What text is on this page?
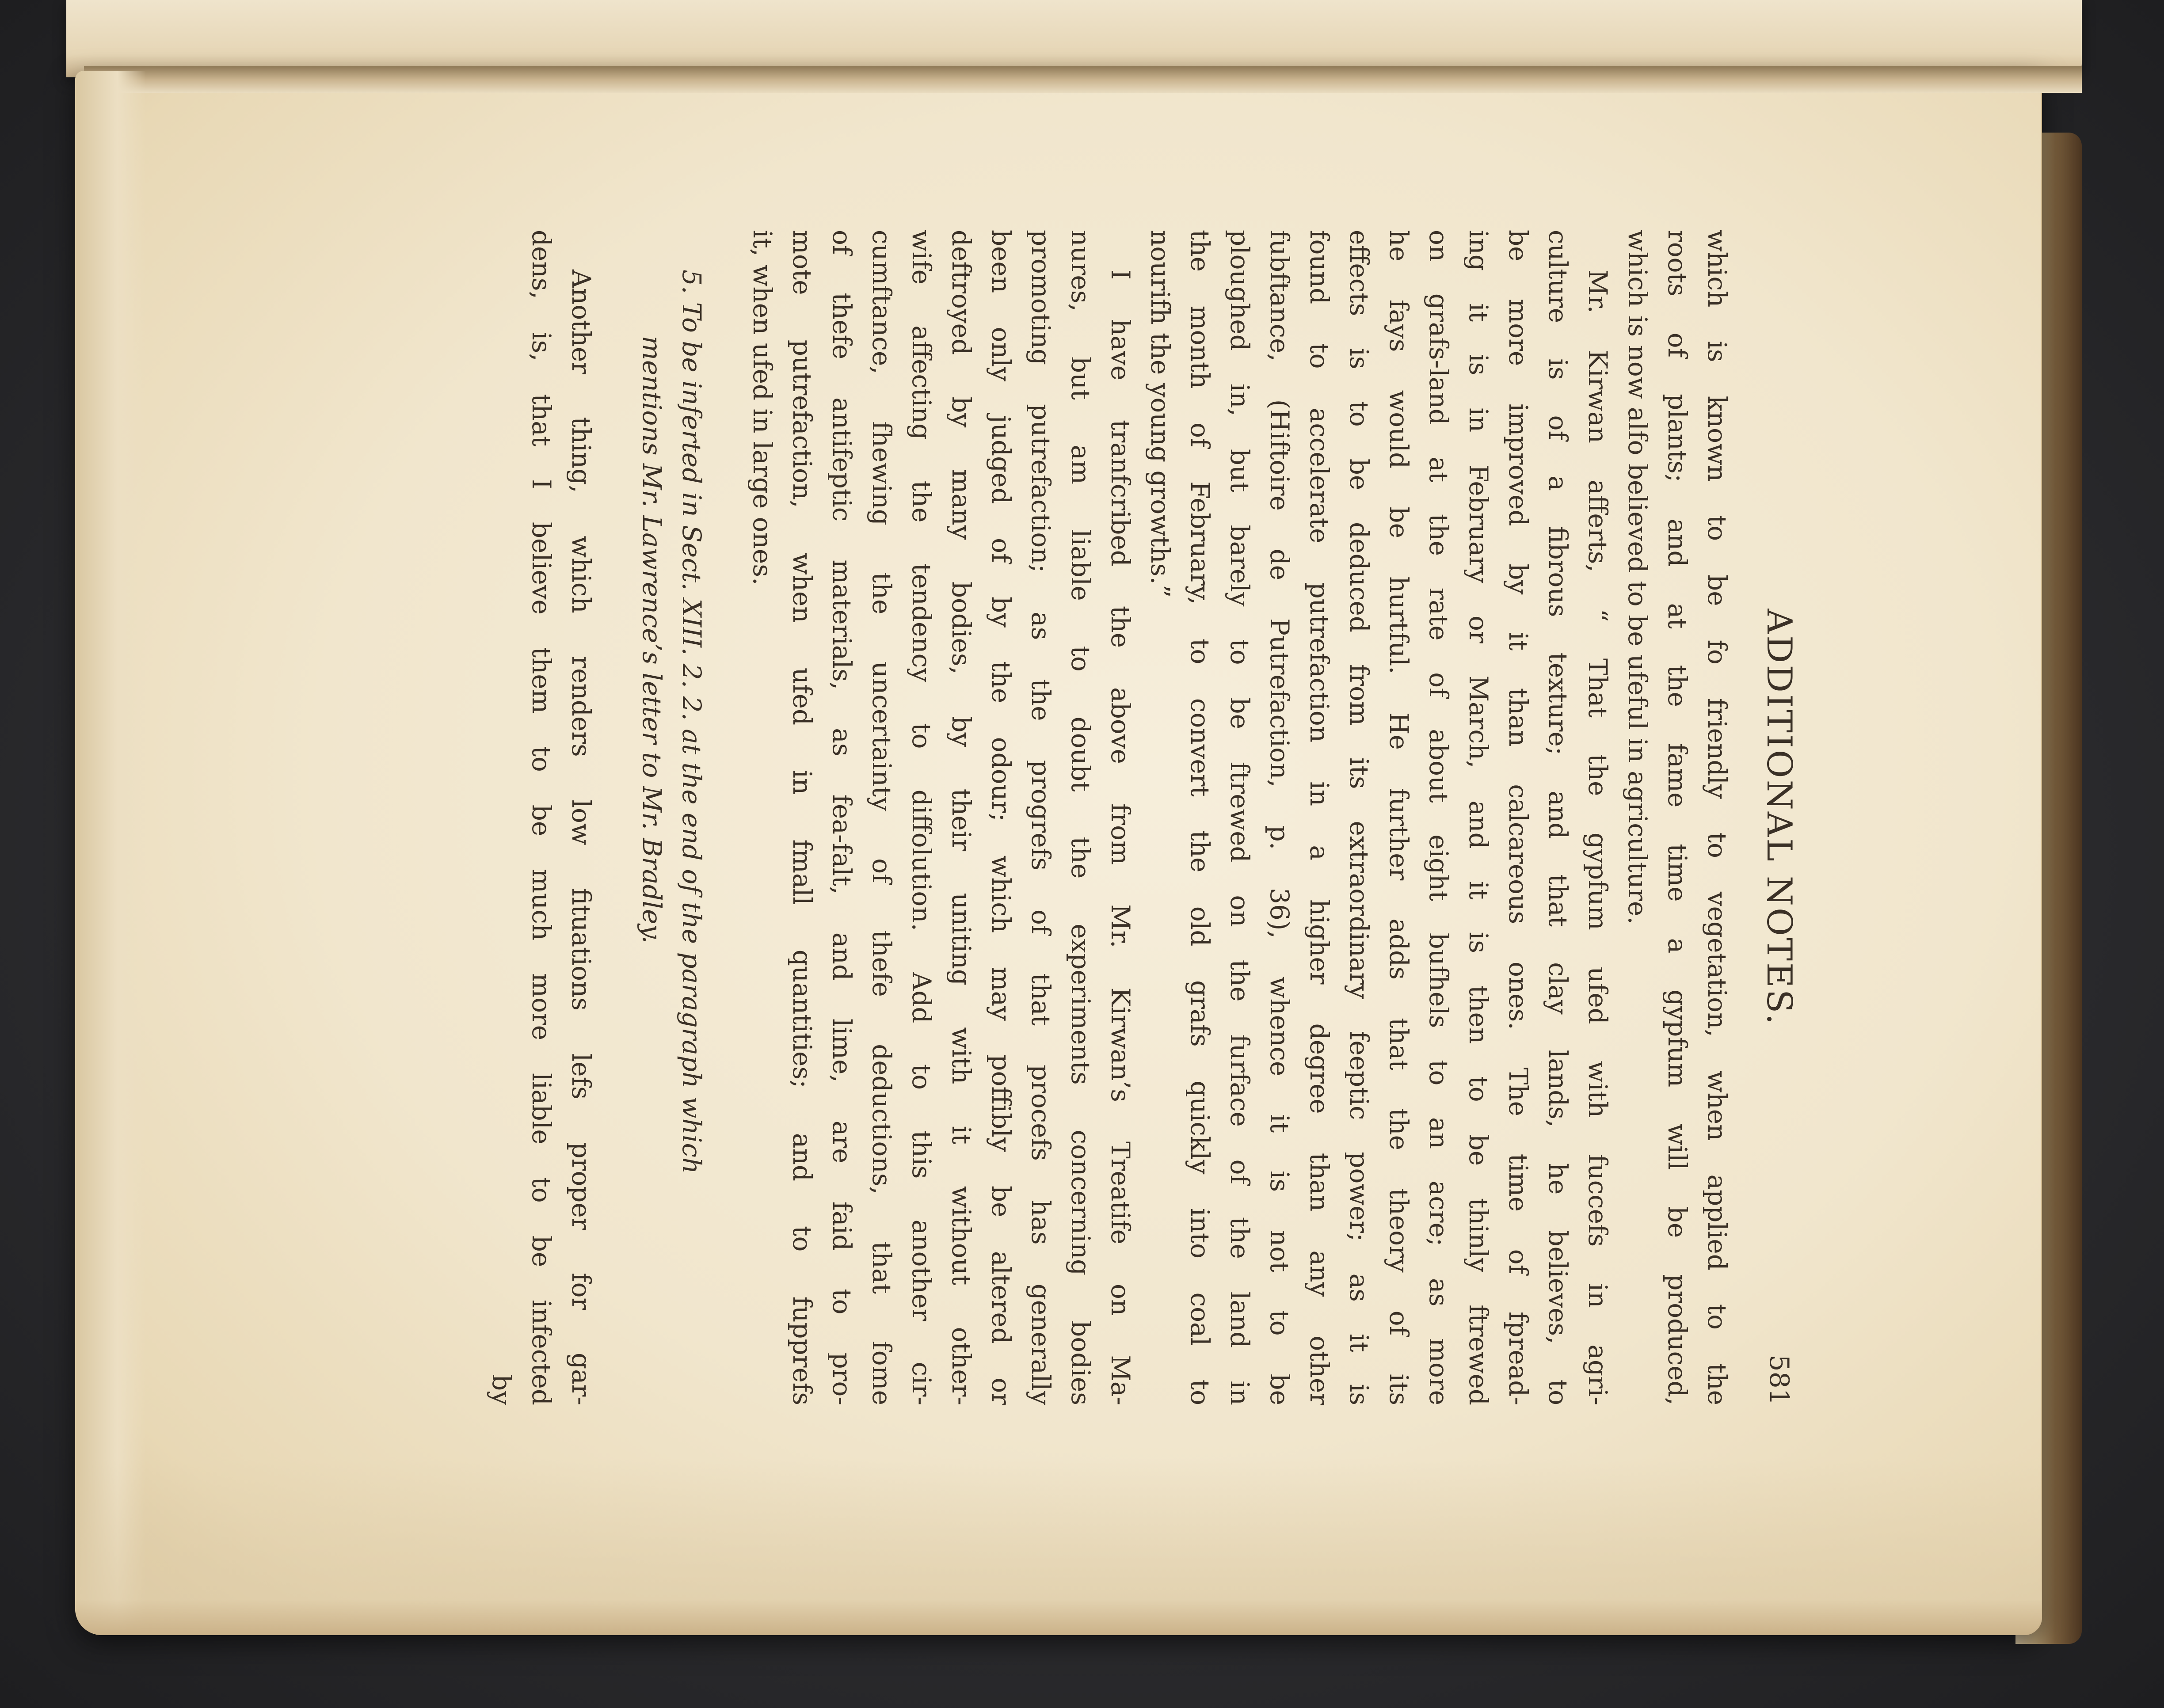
ADDITIONAL NOTES.
581
which is known to be fo friendly to vegetation, when applied to the
roots of plants; and at the fame time a gypfum will be produced,
which is now alfo believed to be ufeful in agriculture.
Mr. Kirwan afferts, “ That the gypfum ufed with fuccefs in agri-
culture is of a fibrous texture; and that clay lands, he believes, to
be more improved by it than calcareous ones. The time of fpread-
ing it is in February or March, and it is then to be thinly ftrewed
on grafs-land at the rate of about eight bufhels to an acre; as more
he fays would be hurtful. He further adds that the theory of its
effects is to be deduced from its extraordinary feeptic power; as it is
found to accelerate putrefaction in a higher degree than any other
fubftance, (Hiftoire de Putrefaction, p. 36), whence it is not to be
ploughed in, but barely to be ftrewed on the furface of the land in
the month of February, to convert the old grafs quickly into coal to
nourifh the young growths.”
I have tranfcribed the above from Mr. Kirwan’s Treatife on Ma-
nures, but am liable to doubt the experiments concerning bodies
promoting putrefaction; as the progrefs of that procefs has generally
been only judged of by the odour; which may poffibly be altered or
deftroyed by many bodies, by their uniting with it without other-
wife affecting the tendency to diffolution. Add to this another cir-
cumftance, fhewing the uncertainty of thefe deductions, that fome
of thefe antifeptic materials, as fea-falt, and lime, are faid to pro-
mote putrefaction, when ufed in fmall quantities; and to fupprefs
it, when ufed in large ones.
5. To be inferted in Sect. XIII. 2. 2. at the end of the paragraph which
mentions Mr. Lawrence’s letter to Mr. Bradley.
Another thing, which renders low fituations lefs proper for gar-
dens, is, that I believe them to be much more liable to be infected
by
